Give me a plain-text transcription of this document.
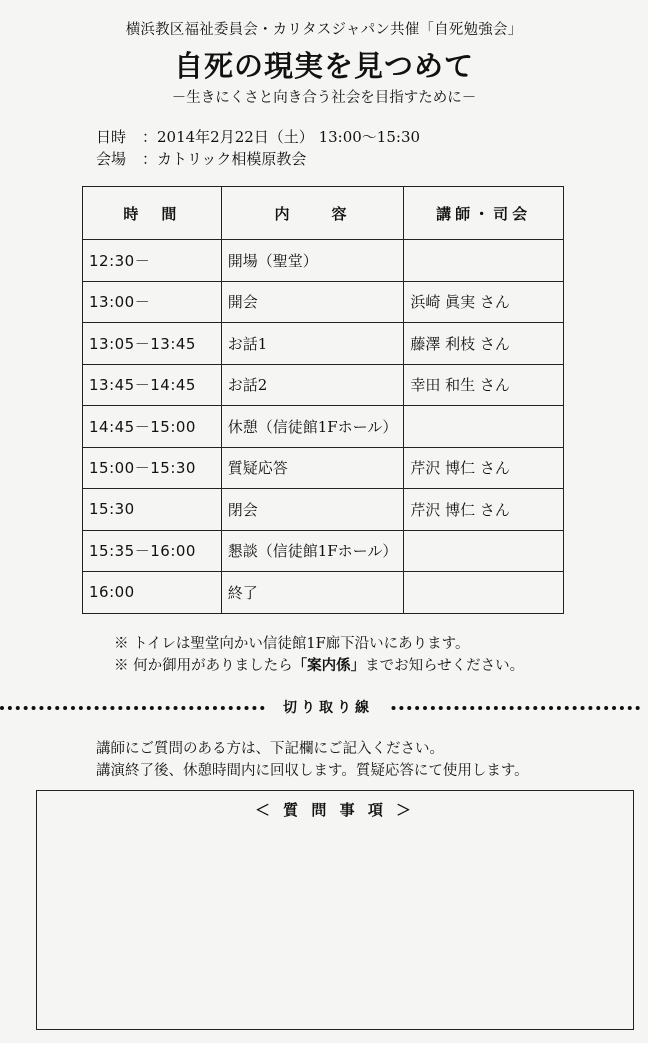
横浜教区福祉委員会・カリタスジャパン共催「自死勉強会」
自死の現実を見つめて
－生きにくさと向き合う社会を目指すために－
日時 ：2014年2月22日（土） 13:00〜15:30
会場 ：カトリック相模原教会
時　間	内　　容	講師・司会
12:30－	開場（聖堂）	
13:00－	開会	浜崎 眞実 さん
13:05－13:45	お話1	藤澤 利枝 さん
13:45－14:45	お話2	幸田 和生 さん
14:45－15:00	休憩（信徒館1Fホール）	
15:00－15:30	質疑応答	芹沢 博仁 さん
15:30	閉会	芹沢 博仁 さん
15:35－16:00	懇談（信徒館1Fホール）	
16:00	終了	
※ トイレは聖堂向かい信徒館1F廊下沿いにあります。
※ 何か御用がありましたら「案内係」までお知らせください。
切り取り線
講師にご質問のある方は、下記欄にご記入ください。
講演終了後、休憩時間内に回収します。質疑応答にて使用します。
＜ 質 問 事 項 ＞
